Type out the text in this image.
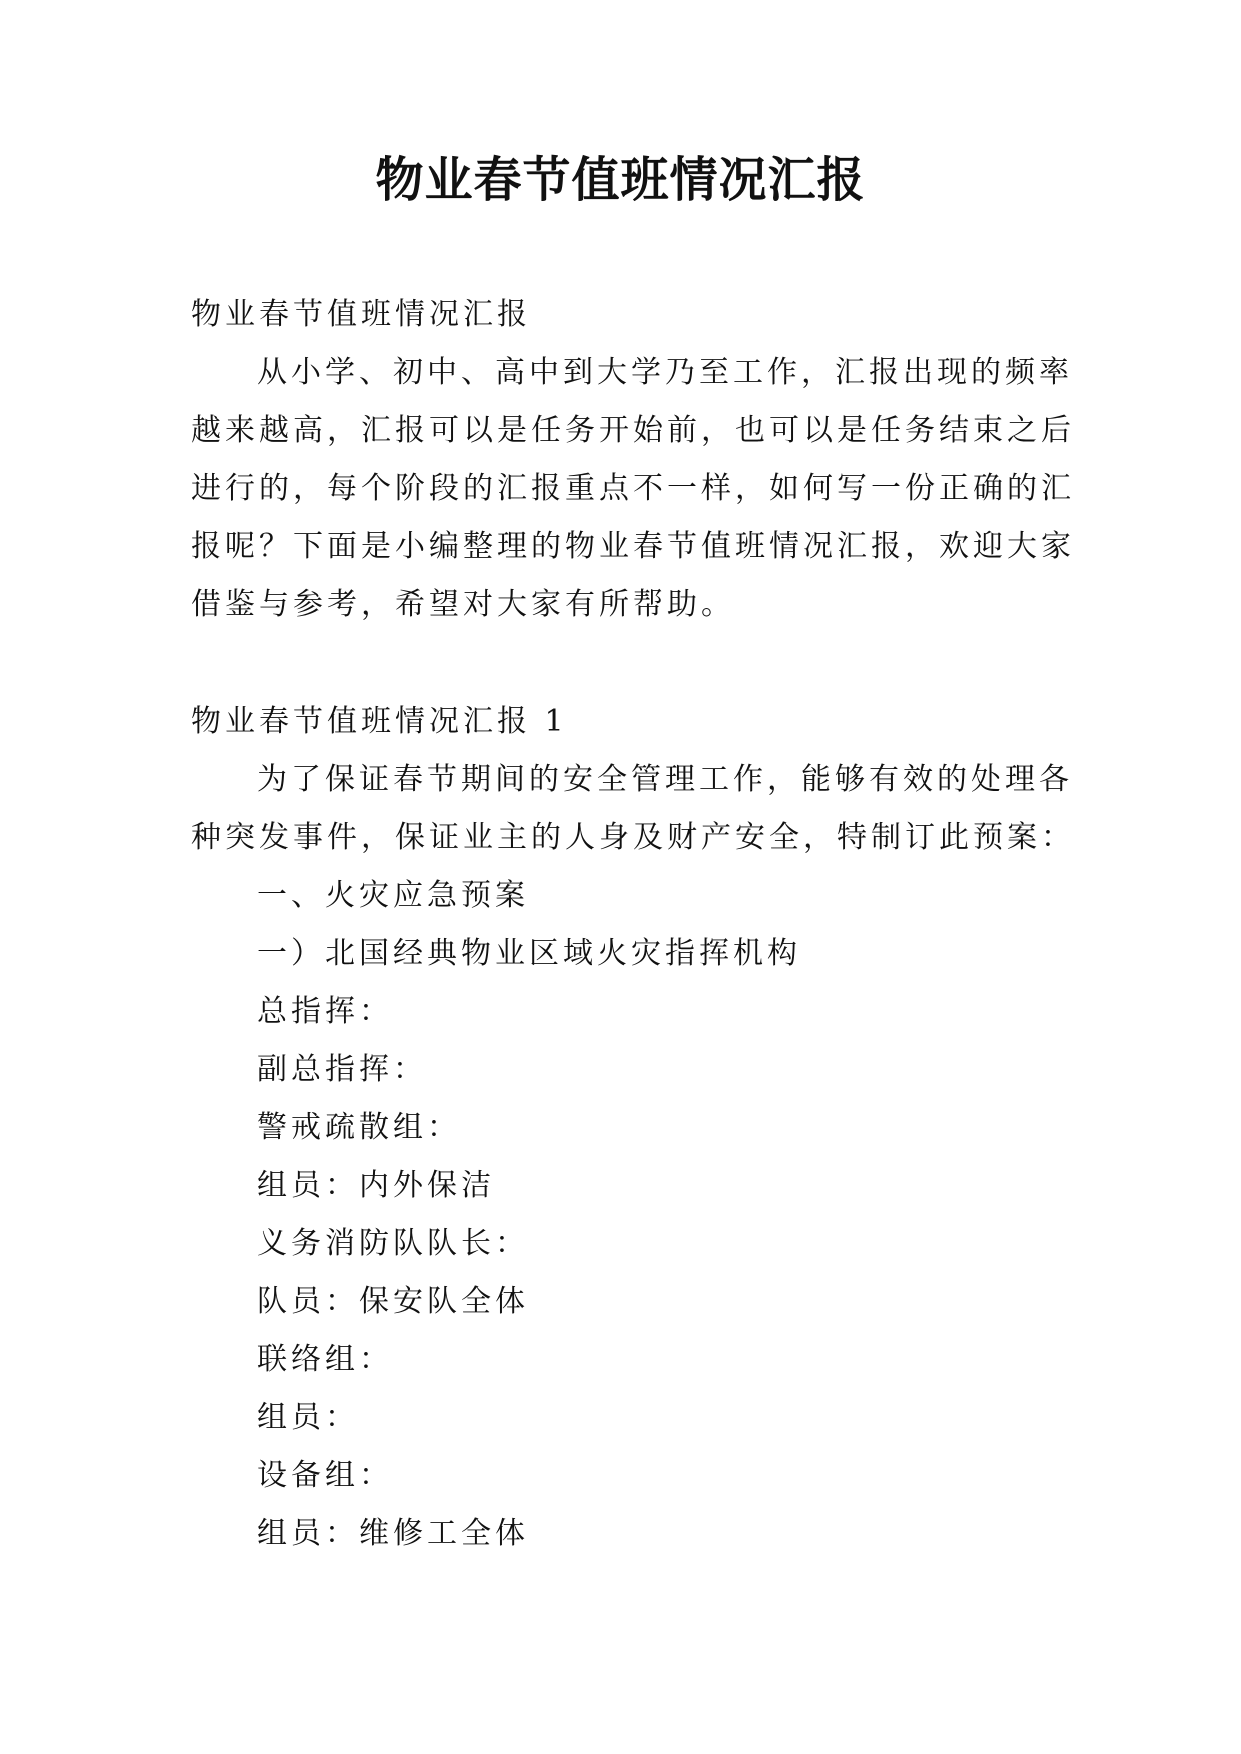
物业春节值班情况汇报
物业春节值班情况汇报
从小学、初中、高中到大学乃至工作，汇报出现的频率
越来越高，汇报可以是任务开始前，也可以是任务结束之后
进行的，每个阶段的汇报重点不一样，如何写一份正确的汇
报呢？下面是小编整理的物业春节值班情况汇报，欢迎大家
借鉴与参考，希望对大家有所帮助。
物业春节值班情况汇报 1
为了保证春节期间的安全管理工作，能够有效的处理各
种突发事件，保证业主的人身及财产安全，特制订此预案：
一、火灾应急预案
一）北国经典物业区域火灾指挥机构
总指挥：
副总指挥：
警戒疏散组：
组员：内外保洁
义务消防队队长：
队员：保安队全体
联络组：
组员：
设备组：
组员：维修工全体
